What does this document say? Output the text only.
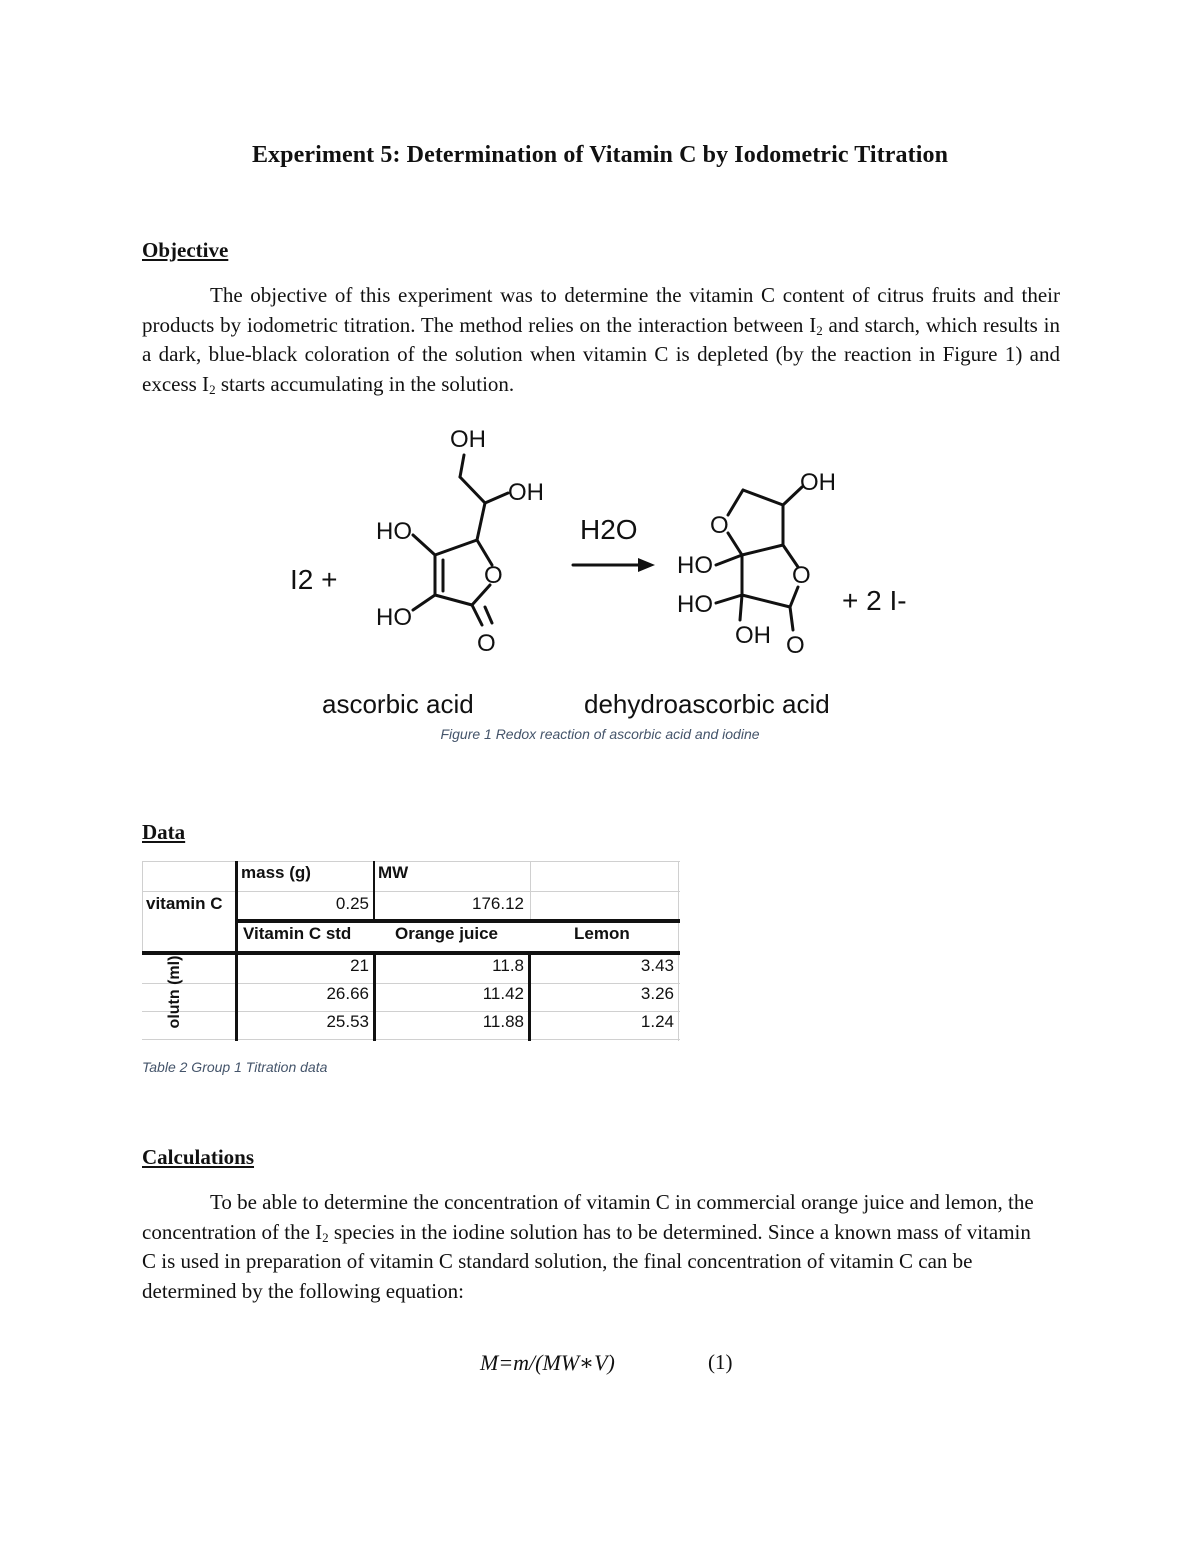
Experiment 5: Determination of Vitamin C by Iodometric Titration
Objective
The objective of this experiment was to determine the vitamin C content of citrus fruits and their products by iodometric titration. The method relies on the interaction between $I_2$ and starch, which results in a dark, blue-black coloration of the solution when vitamin C is depleted (by the reaction in Figure 1) and excess $I_2$ starts accumulating in the solution.
OH
OH
HO
HO
O
O
I2 +
H2O
OH
O
HO
HO
O
OH O
+ 2 I-
ascorbic acid	dehydroascorbic acid
Figure 1 Redox reaction of ascorbic acid and iodine
Data
mass (g)	MW
vitamin C	0.25	176.12
Vitamin C std	Orange juice	Lemon
olutn (ml)	21	11.8	3.43
26.66	11.42	3.26
25.53	11.88	1.24
Table 2 Group 1 Titration data
Calculations
To be able to determine the concentration of vitamin C in commercial orange juice and lemon, the concentration of the $I_2$ species in the iodine solution has to be determined. Since a known mass of vitamin C is used in preparation of vitamin C standard solution, the final concentration of vitamin C can be determined by the following equation:
M=m/(MW∗V)	(1)
